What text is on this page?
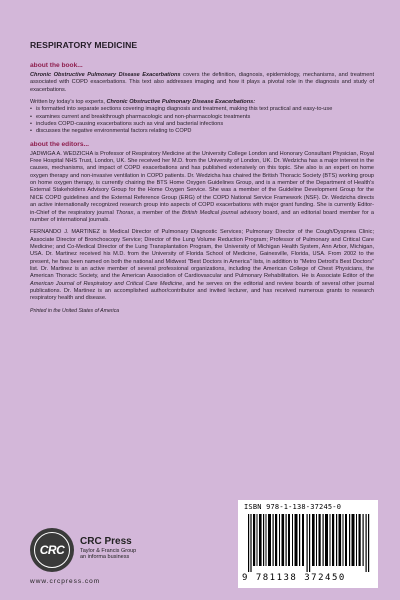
RESPIRATORY MEDICINE
about the book...

Chronic Obstructive Pulmonary Disease Exacerbations covers the definition, diagnosis, epidemiology, mechanisms, and treatment associated with COPD exacerbations. This text also addresses imaging and how it plays a pivotal role in the diagnosis and study of exacerbations.

Written by today's top experts, Chronic Obstructive Pulmonary Disease Exacerbations:

• is formatted into separate sections covering imaging diagnosis and treatment, making this text practical and easy-to-use
• examines current and breakthrough pharmacologic and non-pharmacologic treatments
• includes COPD-causing exacerbations such as viral and bacterial infections
• discusses the negative environmental factors relating to COPD
about the editors...

JADWIGA A. WEDZICHA is Professor of Respiratory Medicine at the University College London and Honorary Consultant Physician, Royal Free Hospital NHS Trust, London, UK. She received her M.D. from the University of London, UK. Dr. Wedzicha has a major interest in the causes, mechanisms, and impact of COPD exacerbations and has published extensively on this topic. She also is an expert on home oxygen therapy and non-invasive ventilation in COPD patients. Dr. Wedzicha has chaired the British Thoracic Society (BTS) working group on home oxygen therapy, is currently chairing the BTS Home Oxygen Guidelines Group, and is a member of the Department of Health's External Stakeholders Advisory Group for the Home Oxygen Service. She was a member of the Guideline Development Group for the NICE COPD guidelines and the External Reference Group (ERG) of the COPD National Service Framework (NSF). Dr. Wedzicha directs an active internationally recognized research group into aspects of COPD exacerbations with major grant funding. She is currently Editor-in-Chief of the respiratory journal Thorax, a member of the British Medical journal advisory board, and an editorial board member for a number of international journals.

FERNANDO J. MARTINEZ is Medical Director of Pulmonary Diagnostic Services; Pulmonary Director of the Cough/Dyspnea Clinic; Associate Director of Bronchoscopy Service; Director of the Lung Volume Reduction Program; Professor of Pulmonary and Critical Care Medicine; and Co-Medical Director of the Lung Transplantation Program, the University of Michigan Health System, Ann Arbor, Michigan, USA. Dr. Martinez received his M.D. from the University of Florida School of Medicine, Gainesville, Florida, USA. From 2002 to the present, he has been named on both the national and Midwest "Best Doctors in America" lists, in addition to "Metro Detroit's Best Doctors" list. Dr. Martinez is an active member of several professional organizations, including the American College of Chest Physicians, the American Thoracic Society, and the American Association of Cardiovascular and Pulmonary Rehabilitation. He is Associate Editor of the American Journal of Respiratory and Critical Care Medicine, and he serves on the editorial and review boards of several other journal publications. Dr. Martinez is an accomplished author/contributor and invited lecturer, and has received numerous grants to research respiratory health and disease.

Printed in the United States of America
CRC
CRC Press
Taylor & Francis Group
an informa business
www.crcpress.com
ISBN 978-1-138-37245-0
9 781138 372450
